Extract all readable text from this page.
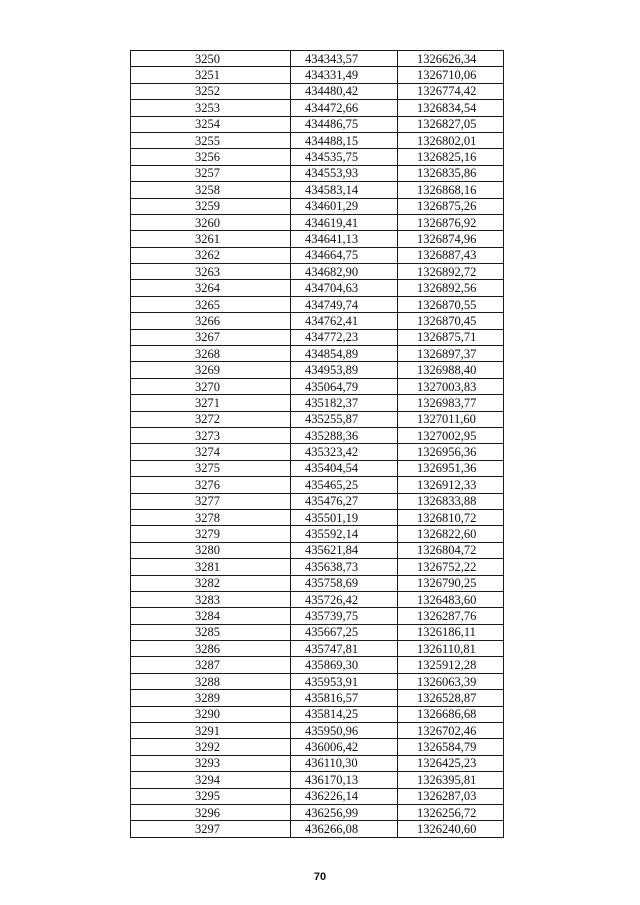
3250	434343,57	1326626,34
3251	434331,49	1326710,06
3252	434480,42	1326774,42
3253	434472,66	1326834,54
3254	434486,75	1326827,05
3255	434488,15	1326802,01
3256	434535,75	1326825,16
3257	434553,93	1326835,86
3258	434583,14	1326868,16
3259	434601,29	1326875,26
3260	434619,41	1326876,92
3261	434641,13	1326874,96
3262	434664,75	1326887,43
3263	434682,90	1326892,72
3264	434704,63	1326892,56
3265	434749,74	1326870,55
3266	434762,41	1326870,45
3267	434772,23	1326875,71
3268	434854,89	1326897,37
3269	434953,89	1326988,40
3270	435064,79	1327003,83
3271	435182,37	1326983,77
3272	435255,87	1327011,60
3273	435288,36	1327002,95
3274	435323,42	1326956,36
3275	435404,54	1326951,36
3276	435465,25	1326912,33
3277	435476,27	1326833,88
3278	435501,19	1326810,72
3279	435592,14	1326822,60
3280	435621,84	1326804,72
3281	435638,73	1326752,22
3282	435758,69	1326790,25
3283	435726,42	1326483,60
3284	435739,75	1326287,76
3285	435667,25	1326186,11
3286	435747,81	1326110,81
3287	435869,30	1325912,28
3288	435953,91	1326063,39
3289	435816,57	1326528,87
3290	435814,25	1326686,68
3291	435950,96	1326702,46
3292	436006,42	1326584,79
3293	436110,30	1326425,23
3294	436170,13	1326395,81
3295	436226,14	1326287,03
3296	436256,99	1326256,72
3297	436266,08	1326240,60
70
